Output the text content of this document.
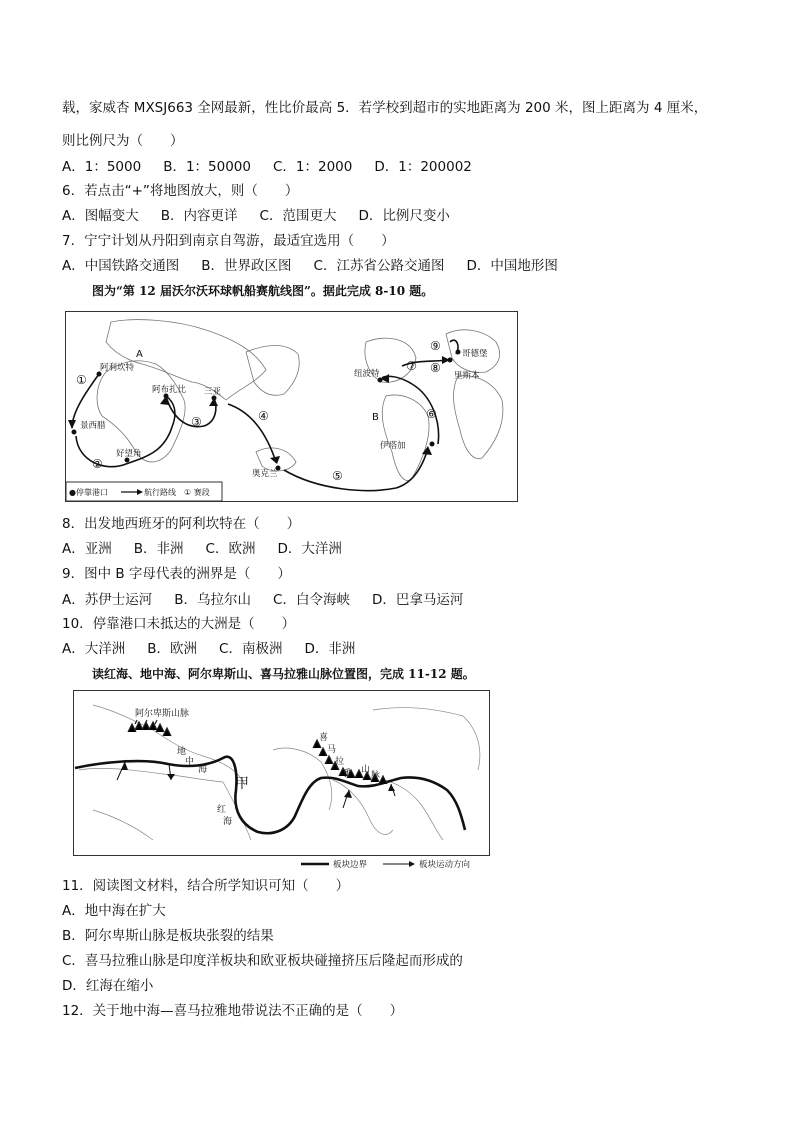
载，家威杏 MXSJ663 全网最新，性比价最高 5．若学校到超市的实地距离为 200 米，图上距离为 4 厘米，
则比例尺为（　　）
A．1：5000 B．1：50000 C．1：2000 D．1：200002
6．若点击“+”将地图放大，则（　　）
A．图幅变大 B．内容更详 C．范围更大 D．比例尺变小
7．宁宁计划从丹阳到南京自驾游，最适宜选用（　　）
A．中国铁路交通图 B．世界政区图 C．江苏省公路交通图 D．中国地形图
图为“第 12 届沃尔沃环球帆船赛航线图”。据此完成 8-10 题。
A
B
阿利坎特
景西腊
好望角
阿布扎比 三亚
奥克兰
伊塔加
纽波特	里斯本
哥德堡
①
②
③	④
⑤
⑥
⑦ ⑧
⑨
●停靠港口	航行路线 ① 赛段
8．出发地西班牙的阿利坎特在（　　）
A．亚洲 B．非洲 C．欧洲 D．大洋洲
9．图中 B 字母代表的洲界是（　　）
A．苏伊士运河 B．乌拉尔山 C．白令海峡 D．巴拿马运河
10．停靠港口未抵达的大洲是（　　）
A．大洋洲 B．欧洲 C．南极洲 D．非洲
读红海、地中海、阿尔卑斯山、喜马拉雅山脉位置图，完成 11-12 题。
阿尔卑斯山脉
地
中
海
甲
红
海
喜
马
拉
雅 山
脉
板块边界	板块运动方向
11．阅读图文材料，结合所学知识可知（　　）
A．地中海在扩大
B．阿尔卑斯山脉是板块张裂的结果
C．喜马拉雅山脉是印度洋板块和欧亚板块碰撞挤压后隆起而形成的
D．红海在缩小
12．关于地中海—喜马拉雅地带说法不正确的是（　　）
